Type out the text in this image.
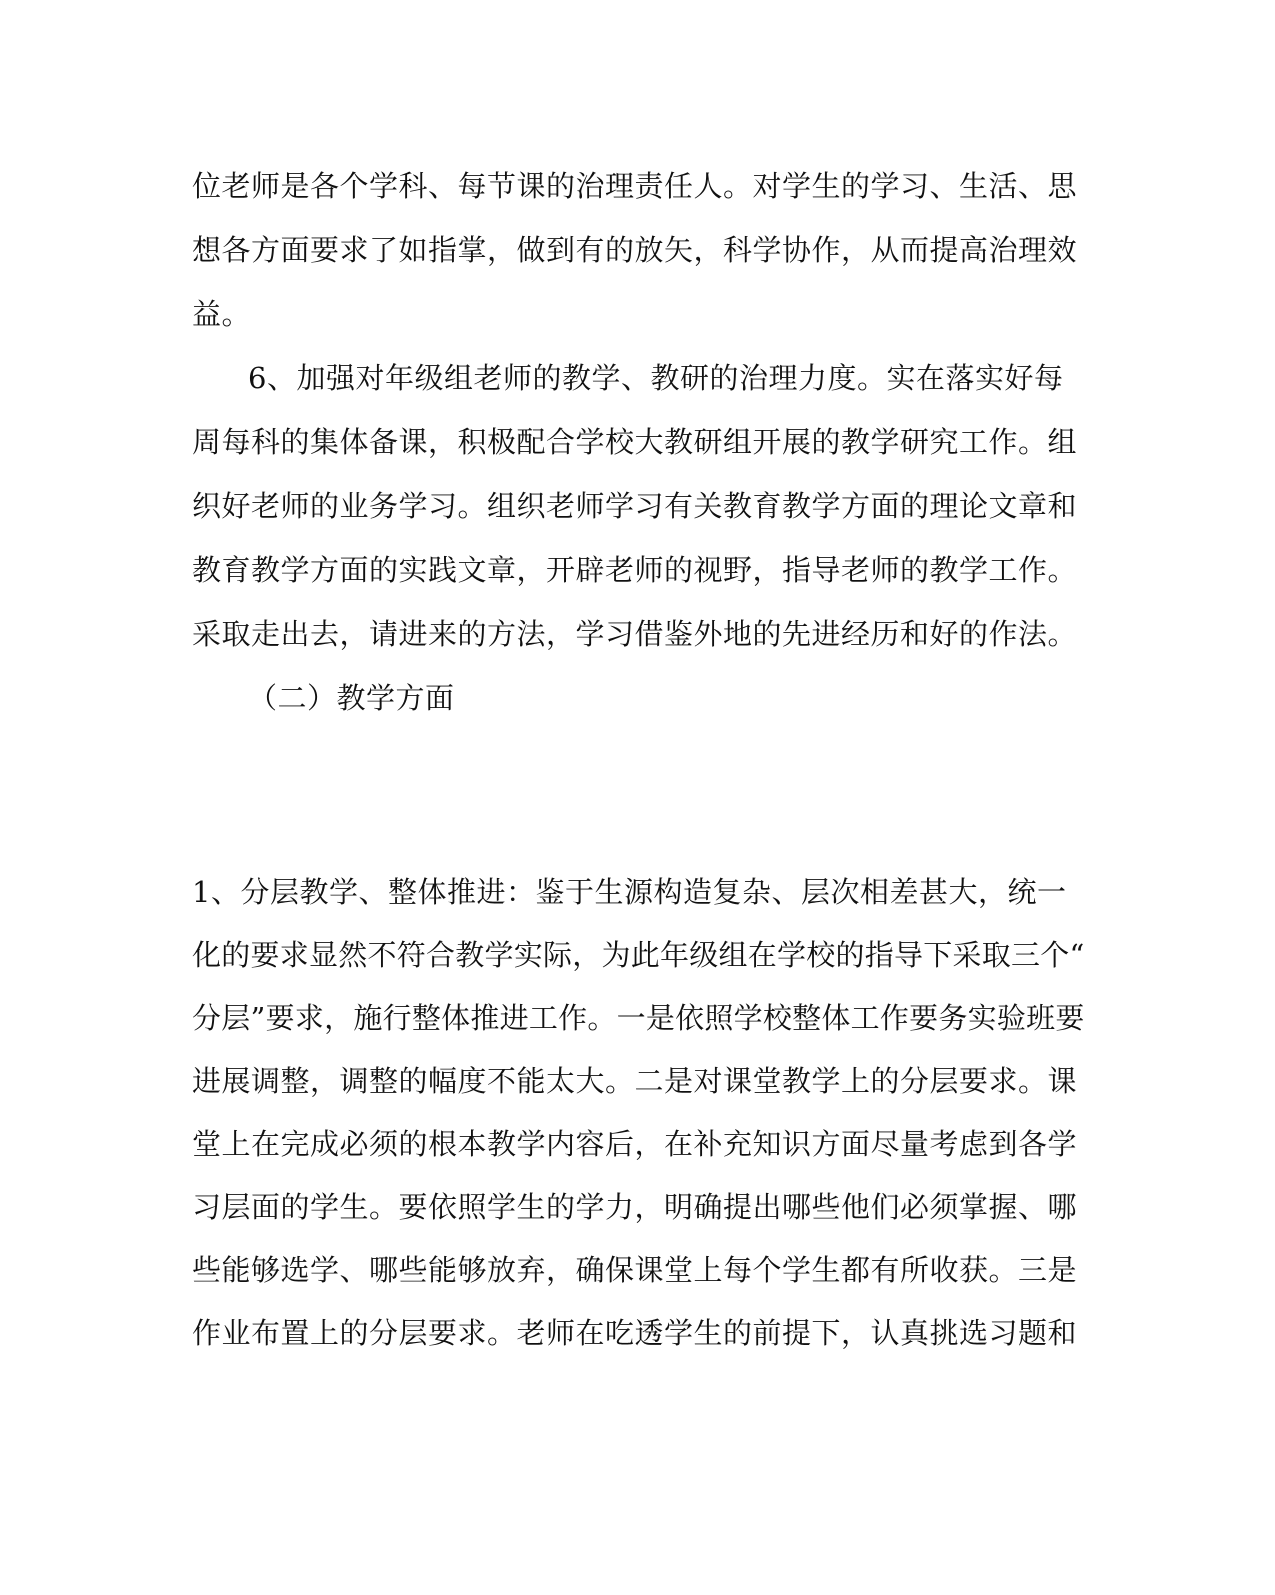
位老师是各个学科、每节课的治理责任人。对学生的学习、生活、思
想各方面要求了如指掌，做到有的放矢，科学协作，从而提高治理效
益。
6、加强对年级组老师的教学、教研的治理力度。实在落实好每
周每科的集体备课，积极配合学校大教研组开展的教学研究工作。组
织好老师的业务学习。组织老师学习有关教育教学方面的理论文章和
教育教学方面的实践文章，开辟老师的视野，指导老师的教学工作。
采取走出去，请进来的方法，学习借鉴外地的先进经历和好的作法。
（二）教学方面
1、分层教学、整体推进：鉴于生源构造复杂、层次相差甚大，统一
化的要求显然不符合教学实际，为此年级组在学校的指导下采取三个“
分层”要求，施行整体推进工作。一是依照学校整体工作要务实验班要
进展调整，调整的幅度不能太大。二是对课堂教学上的分层要求。课
堂上在完成必须的根本教学内容后，在补充知识方面尽量考虑到各学
习层面的学生。要依照学生的学力，明确提出哪些他们必须掌握、哪
些能够选学、哪些能够放弃，确保课堂上每个学生都有所收获。三是
作业布置上的分层要求。老师在吃透学生的前提下，认真挑选习题和
